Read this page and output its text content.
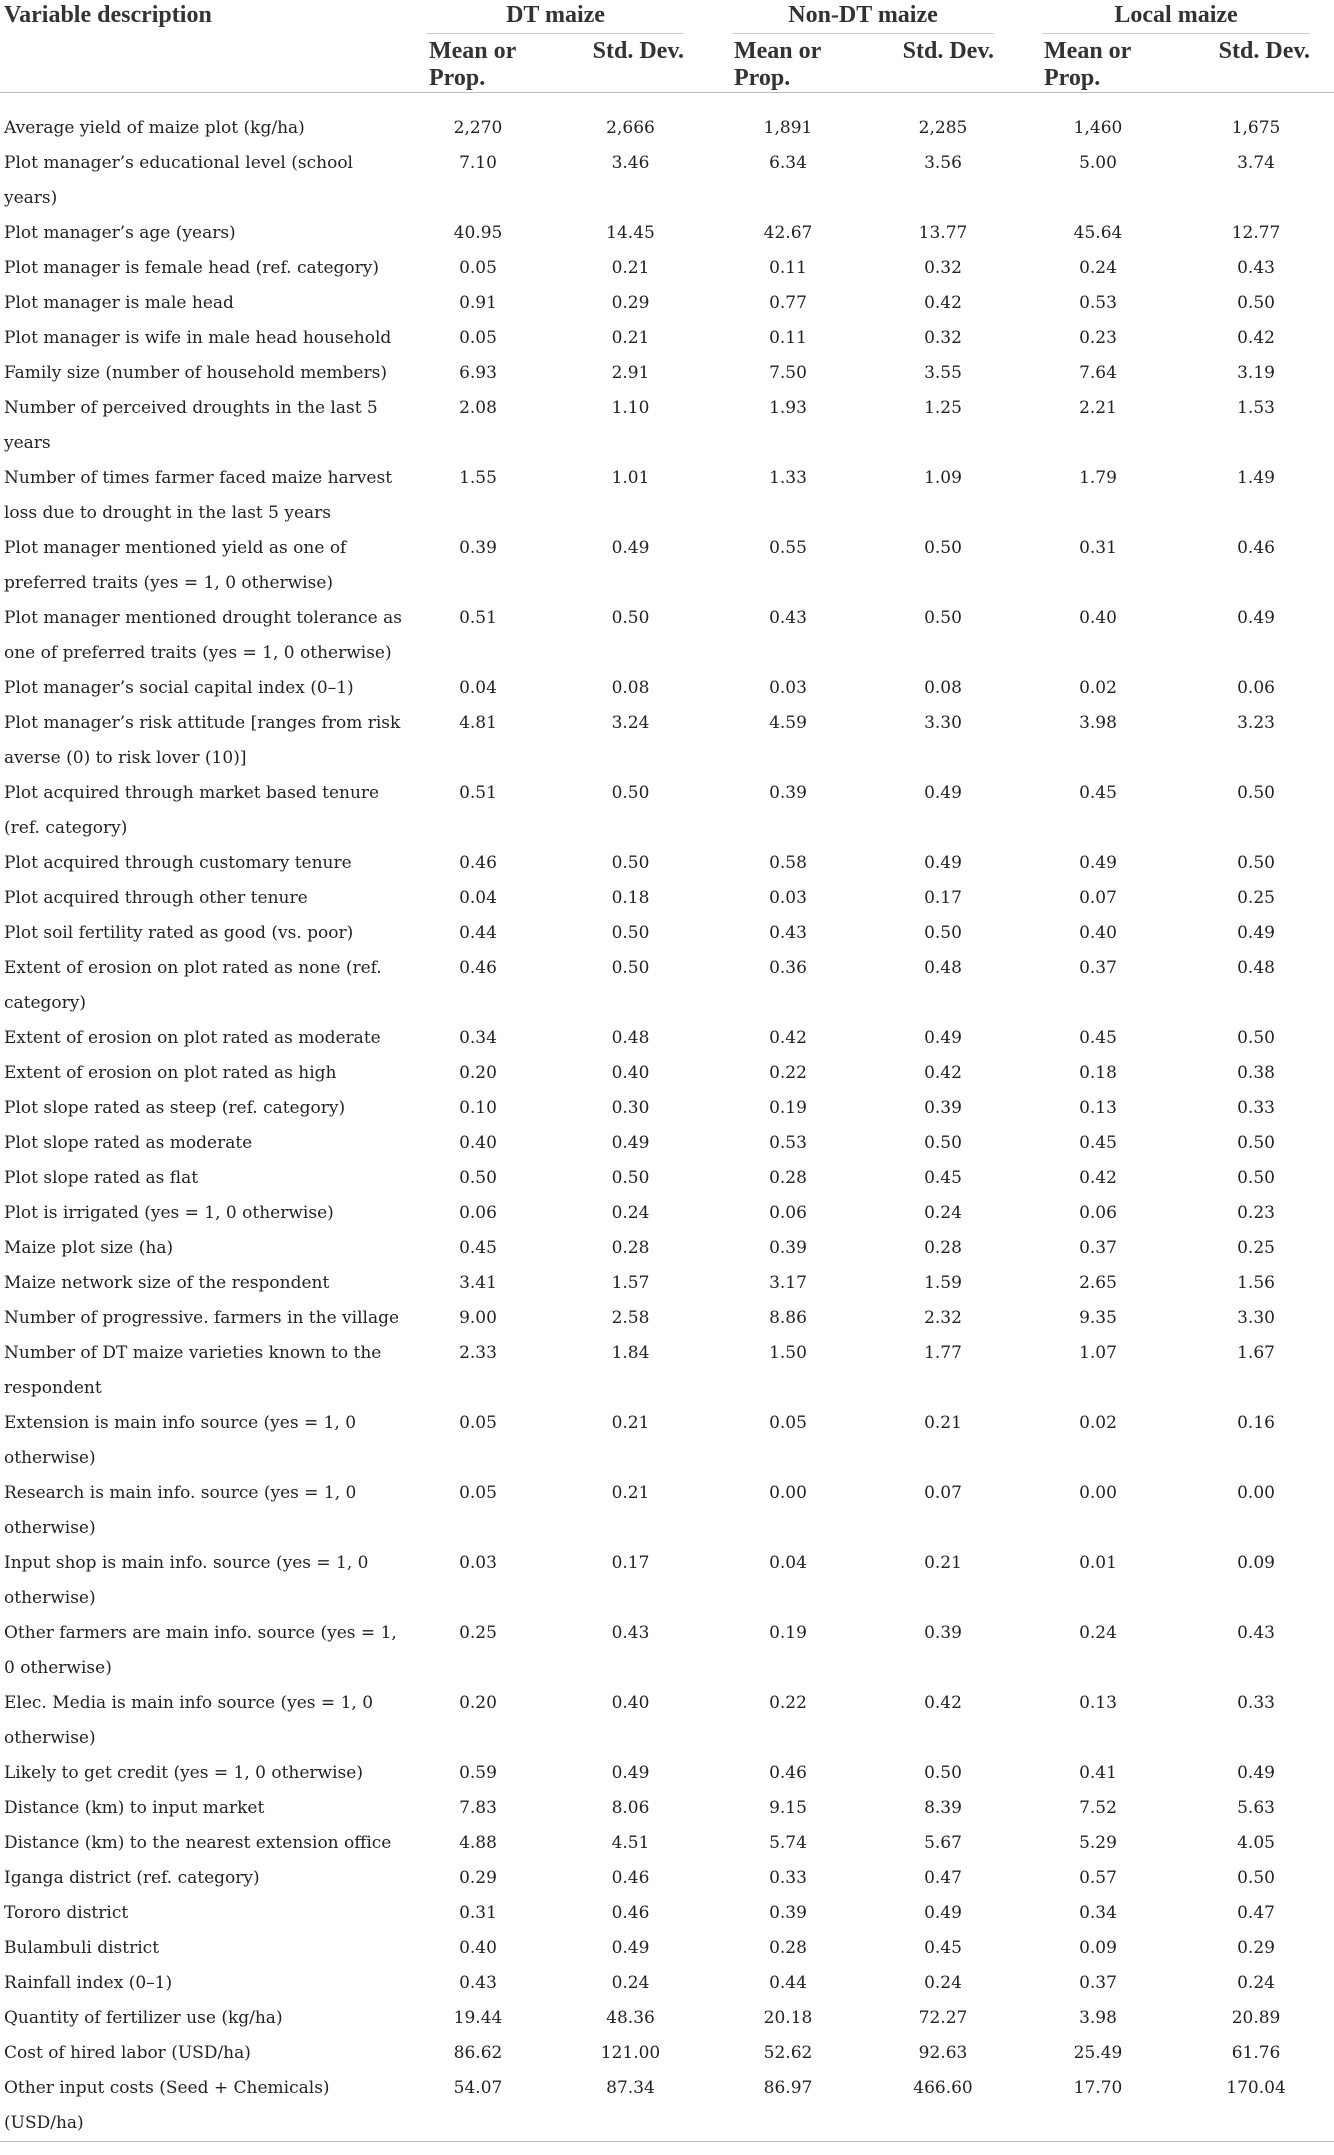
Variable description	DT maize		Non-DT maize		Local maize	

	Mean or Prop.	Std. Dev.	Mean or Prop.	Std. Dev.	Mean or Prop.	Std. Dev.

Average yield of maize plot (kg/ha)	2,270	2,666	1,891	2,285	1,460	1,675
Plot manager’s educational level (school years)	7.10	3.46	6.34	3.56	5.00	3.74
Plot manager’s age (years)	40.95	14.45	42.67	13.77	45.64	12.77
Plot manager is female head (ref. category)	0.05	0.21	0.11	0.32	0.24	0.43
Plot manager is male head	0.91	0.29	0.77	0.42	0.53	0.50
Plot manager is wife in male head household	0.05	0.21	0.11	0.32	0.23	0.42
Family size (number of household members)	6.93	2.91	7.50	3.55	7.64	3.19
Number of perceived droughts in the last 5 years	2.08	1.10	1.93	1.25	2.21	1.53
Number of times farmer faced maize harvest loss due to drought in the last 5 years	1.55	1.01	1.33	1.09	1.79	1.49
Plot manager mentioned yield as one of preferred traits (yes = 1, 0 otherwise)	0.39	0.49	0.55	0.50	0.31	0.46
Plot manager mentioned drought tolerance as one of preferred traits (yes = 1, 0 otherwise)	0.51	0.50	0.43	0.50	0.40	0.49
Plot manager’s social capital index (0–1)	0.04	0.08	0.03	0.08	0.02	0.06
Plot manager’s risk attitude [ranges from risk averse (0) to risk lover (10)]	4.81	3.24	4.59	3.30	3.98	3.23
Plot acquired through market based tenure (ref. category)	0.51	0.50	0.39	0.49	0.45	0.50
Plot acquired through customary tenure	0.46	0.50	0.58	0.49	0.49	0.50
Plot acquired through other tenure	0.04	0.18	0.03	0.17	0.07	0.25
Plot soil fertility rated as good (vs. poor)	0.44	0.50	0.43	0.50	0.40	0.49
Extent of erosion on plot rated as none (ref. category)	0.46	0.50	0.36	0.48	0.37	0.48
Extent of erosion on plot rated as moderate	0.34	0.48	0.42	0.49	0.45	0.50
Extent of erosion on plot rated as high	0.20	0.40	0.22	0.42	0.18	0.38
Plot slope rated as steep (ref. category)	0.10	0.30	0.19	0.39	0.13	0.33
Plot slope rated as moderate	0.40	0.49	0.53	0.50	0.45	0.50
Plot slope rated as flat	0.50	0.50	0.28	0.45	0.42	0.50
Plot is irrigated (yes = 1, 0 otherwise)	0.06	0.24	0.06	0.24	0.06	0.23
Maize plot size (ha)	0.45	0.28	0.39	0.28	0.37	0.25
Maize network size of the respondent	3.41	1.57	3.17	1.59	2.65	1.56
Number of progressive. farmers in the village	9.00	2.58	8.86	2.32	9.35	3.30
Number of DT maize varieties known to the respondent	2.33	1.84	1.50	1.77	1.07	1.67
Extension is main info source (yes = 1, 0 otherwise)	0.05	0.21	0.05	0.21	0.02	0.16
Research is main info. source (yes = 1, 0 otherwise)	0.05	0.21	0.00	0.07	0.00	0.00
Input shop is main info. source (yes = 1, 0 otherwise)	0.03	0.17	0.04	0.21	0.01	0.09
Other farmers are main info. source (yes = 1, 0 otherwise)	0.25	0.43	0.19	0.39	0.24	0.43
Elec. Media is main info source (yes = 1, 0 otherwise)	0.20	0.40	0.22	0.42	0.13	0.33
Likely to get credit (yes = 1, 0 otherwise)	0.59	0.49	0.46	0.50	0.41	0.49
Distance (km) to input market	7.83	8.06	9.15	8.39	7.52	5.63
Distance (km) to the nearest extension office	4.88	4.51	5.74	5.67	5.29	4.05
Iganga district (ref. category)	0.29	0.46	0.33	0.47	0.57	0.50
Tororo district	0.31	0.46	0.39	0.49	0.34	0.47
Bulambuli district	0.40	0.49	0.28	0.45	0.09	0.29
Rainfall index (0–1)	0.43	0.24	0.44	0.24	0.37	0.24
Quantity of fertilizer use (kg/ha)	19.44	48.36	20.18	72.27	3.98	20.89
Cost of hired labor (USD/ha)	86.62	121.00	52.62	92.63	25.49	61.76
Other input costs (Seed + Chemicals) (USD/ha)	54.07	87.34	86.97	466.60	17.70	170.04
